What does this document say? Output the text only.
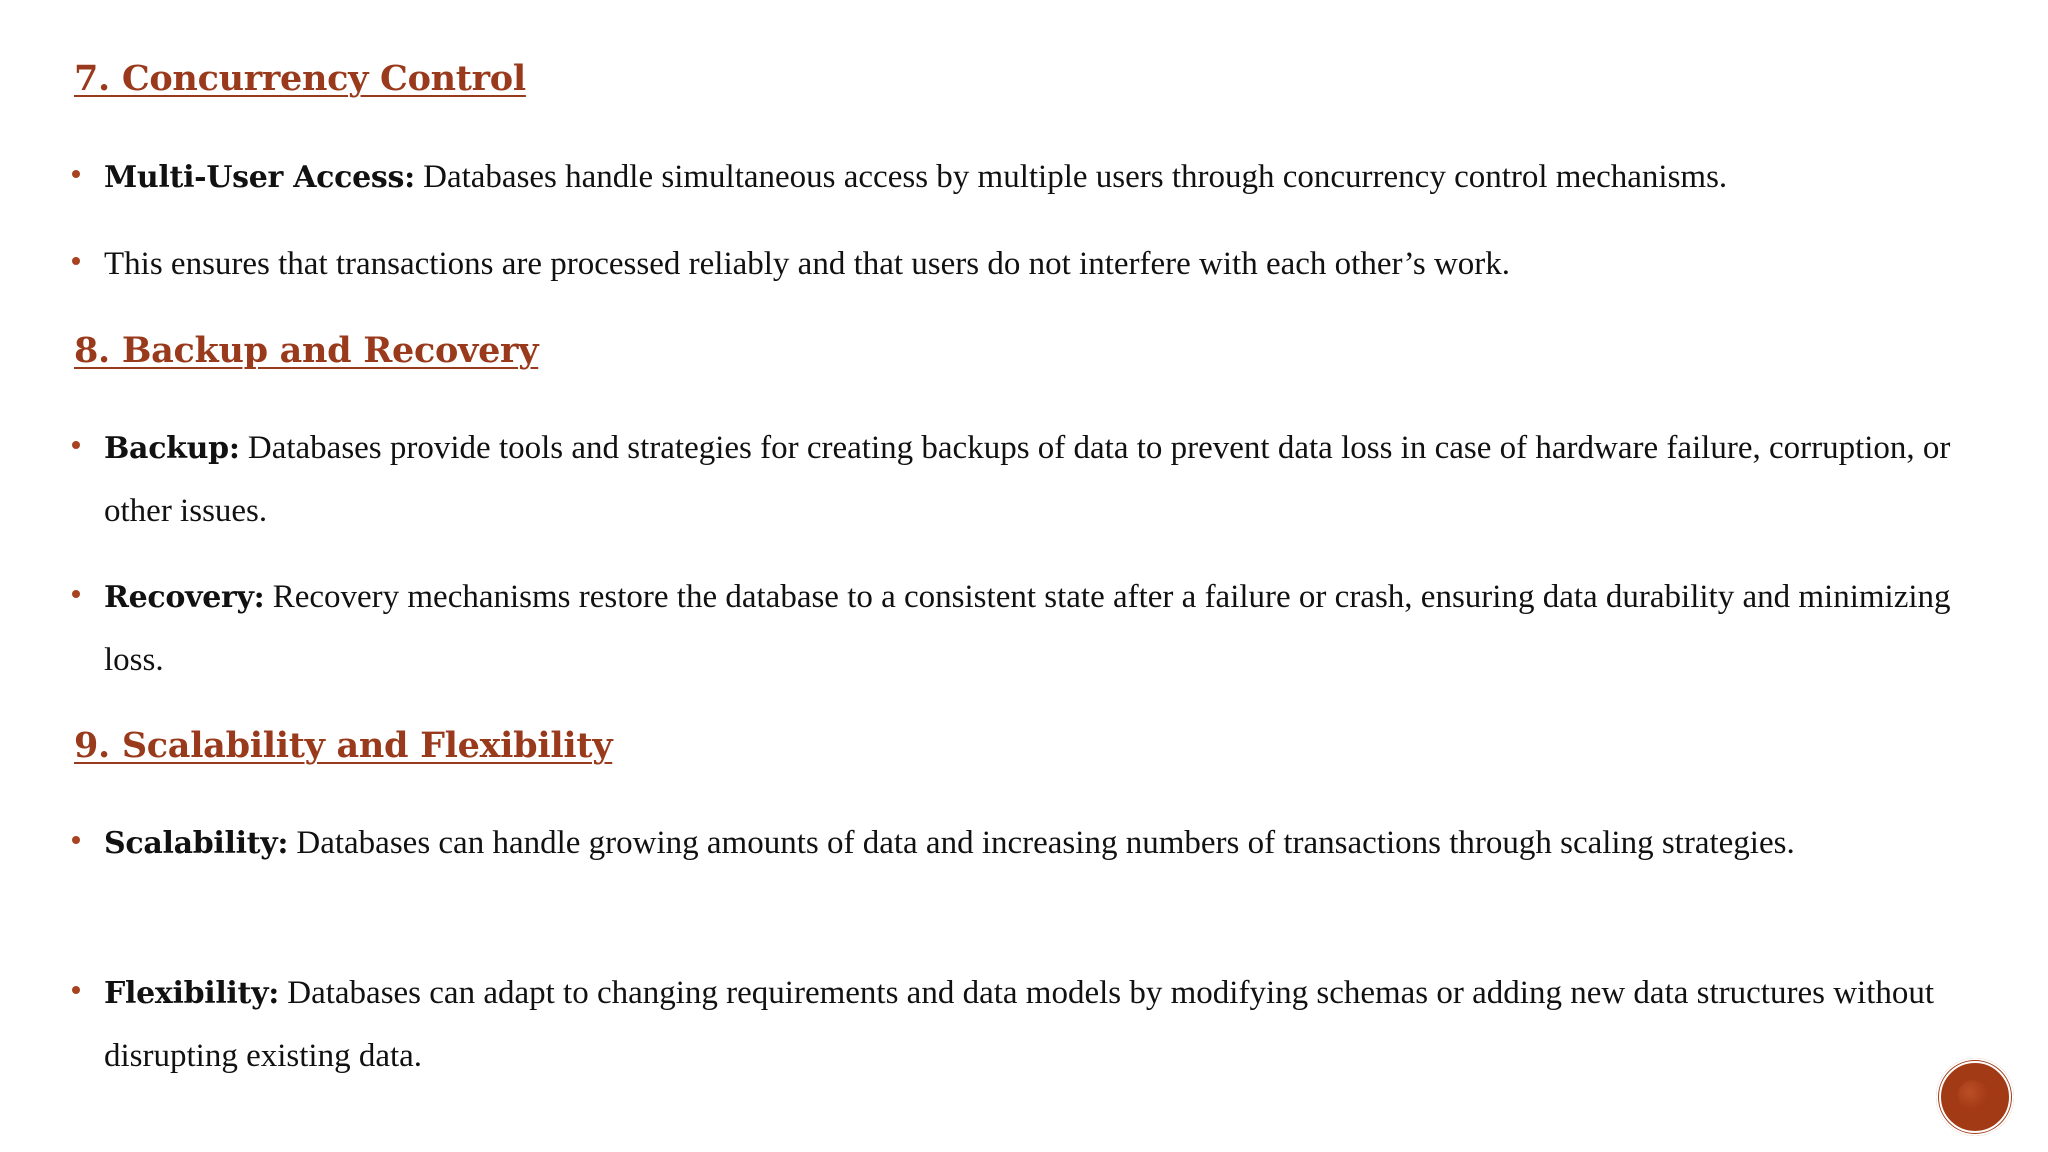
7. Concurrency Control

Multi-User Access: Databases handle simultaneous access by multiple users through concurrency control mechanisms.

This ensures that transactions are processed reliably and that users do not interfere with each other’s work.

8. Backup and Recovery

Backup: Databases provide tools and strategies for creating backups of data to prevent data loss in case of hardware failure, corruption, or other issues.

Recovery: Recovery mechanisms restore the database to a consistent state after a failure or crash, ensuring data durability and minimizing loss.

9. Scalability and Flexibility

Scalability: Databases can handle growing amounts of data and increasing numbers of transactions through scaling strategies.

Flexibility: Databases can adapt to changing requirements and data models by modifying schemas or adding new data structures without disrupting existing data.
